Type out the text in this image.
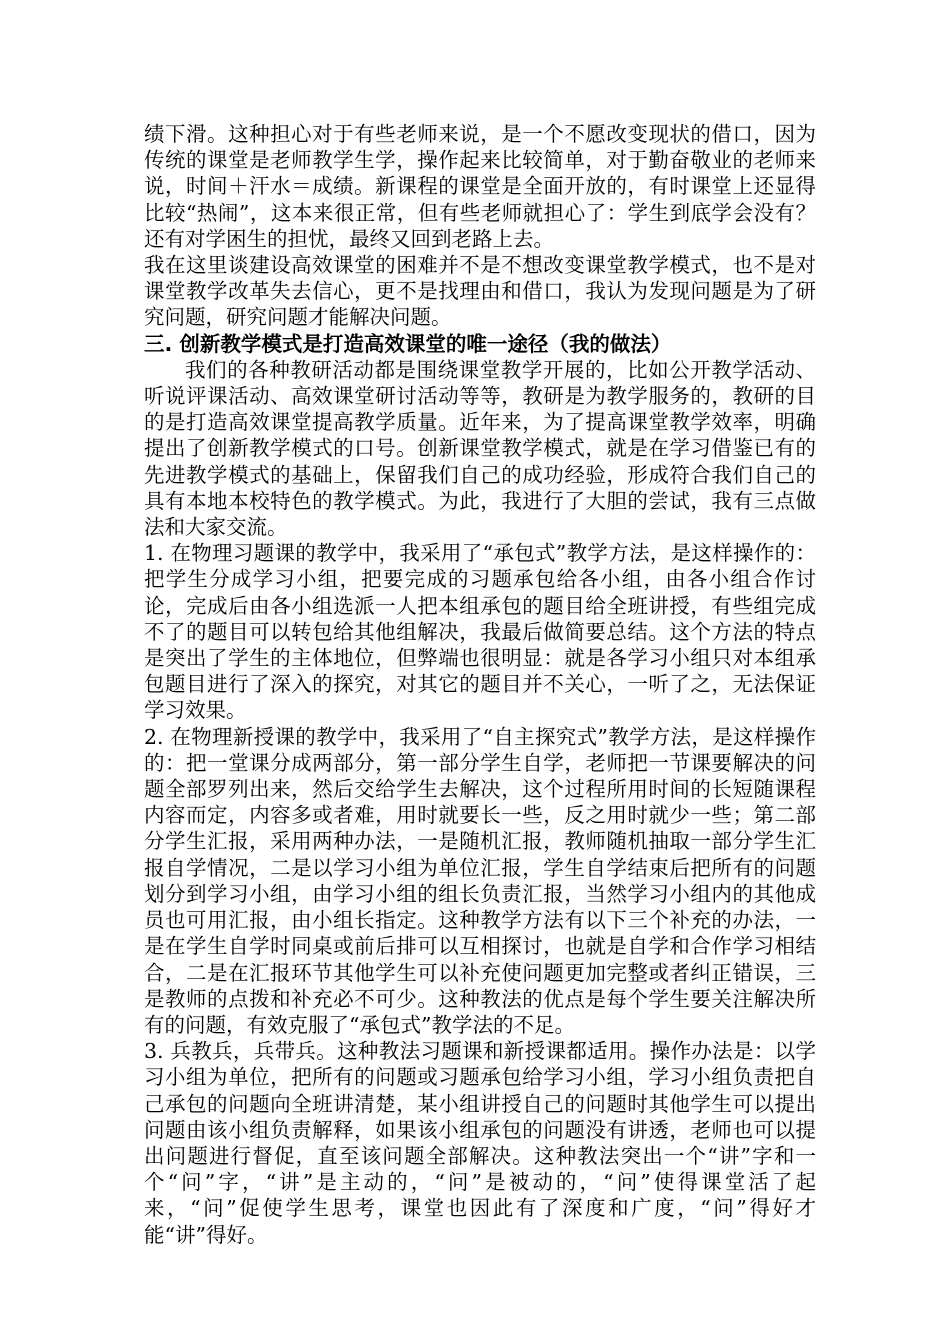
绩下滑。这种担心对于有些老师来说，是一个不愿改变现状的借口，因为传统的课堂是老师教学生学，操作起来比较简单，对于勤奋敬业的老师来说，时间＋汗水＝成绩。新课程的课堂是全面开放的，有时课堂上还显得比较“热闹”，这本来很正常，但有些老师就担心了：学生到底学会没有？还有对学困生的担忧，最终又回到老路上去。

我在这里谈建设高效课堂的困难并不是不想改变课堂教学模式，也不是对课堂教学改革失去信心，更不是找理由和借口，我认为发现问题是为了研究问题，研究问题才能解决问题。

三. 创新教学模式是打造高效课堂的唯一途径（我的做法）

我们的各种教研活动都是围绕课堂教学开展的，比如公开教学活动、听说评课活动、高效课堂研讨活动等等，教研是为教学服务的，教研的目的是打造高效课堂提高教学质量。近年来，为了提高课堂教学效率，明确提出了创新教学模式的口号。创新课堂教学模式，就是在学习借鉴已有的先进教学模式的基础上，保留我们自己的成功经验，形成符合我们自己的具有本地本校特色的教学模式。为此，我进行了大胆的尝试，我有三点做法和大家交流。

1. 在物理习题课的教学中，我采用了“承包式”教学方法，是这样操作的：把学生分成学习小组，把要完成的习题承包给各小组，由各小组合作讨论，完成后由各小组选派一人把本组承包的题目给全班讲授，有些组完成不了的题目可以转包给其他组解决，我最后做简要总结。这个方法的特点是突出了学生的主体地位，但弊端也很明显：就是各学习小组只对本组承包题目进行了深入的探究，对其它的题目并不关心，一听了之，无法保证学习效果。

2. 在物理新授课的教学中，我采用了“自主探究式”教学方法，是这样操作的：把一堂课分成两部分，第一部分学生自学，老师把一节课要解决的问题全部罗列出来，然后交给学生去解决，这个过程所用时间的长短随课程内容而定，内容多或者难，用时就要长一些，反之用时就少一些；第二部分学生汇报，采用两种办法，一是随机汇报，教师随机抽取一部分学生汇报自学情况，二是以学习小组为单位汇报，学生自学结束后把所有的问题划分到学习小组，由学习小组的组长负责汇报，当然学习小组内的其他成员也可用汇报，由小组长指定。这种教学方法有以下三个补充的办法，一是在学生自学时同桌或前后排可以互相探讨，也就是自学和合作学习相结合，二是在汇报环节其他学生可以补充使问题更加完整或者纠正错误，三是教师的点拨和补充必不可少。这种教法的优点是每个学生要关注解决所有的问题，有效克服了“承包式”教学法的不足。

3. 兵教兵，兵带兵。这种教法习题课和新授课都适用。操作办法是：以学习小组为单位，把所有的问题或习题承包给学习小组，学习小组负责把自己承包的问题向全班讲清楚，某小组讲授自己的问题时其他学生可以提出问题由该小组负责解释，如果该小组承包的问题没有讲透，老师也可以提出问题进行督促，直至该问题全部解决。这种教法突出一个“讲”字和一个“问”字，“讲”是主动的，“问”是被动的，“问”使得课堂活了起来，“问”促使学生思考，课堂也因此有了深度和广度，“问”得好才能“讲”得好。
